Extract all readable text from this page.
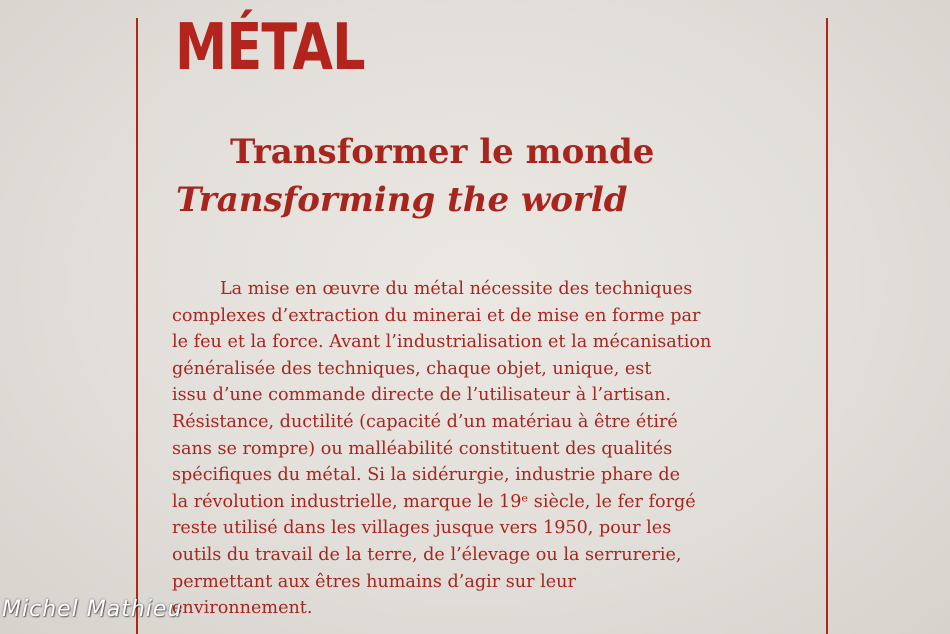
MÉTAL
Transformer le monde
Transforming the world
La mise en œuvre du métal nécessite des techniques
complexes d’extraction du minerai et de mise en forme par
le feu et la force. Avant l’industrialisation et la mécanisation
généralisée des techniques, chaque objet, unique, est
issu d’une commande directe de l’utilisateur à l’artisan.
Résistance, ductilité (capacité d’un matériau à être étiré
sans se rompre) ou malléabilité constituent des qualités
spécifiques du métal. Si la sidérurgie, industrie phare de
la révolution industrielle, marque le 19ᵉ siècle, le fer forgé
reste utilisé dans les villages jusque vers 1950, pour les
outils du travail de la terre, de l’élevage ou la serrurerie,
permettant aux êtres humains d’agir sur leur
environnement.
Michel Mathieu
